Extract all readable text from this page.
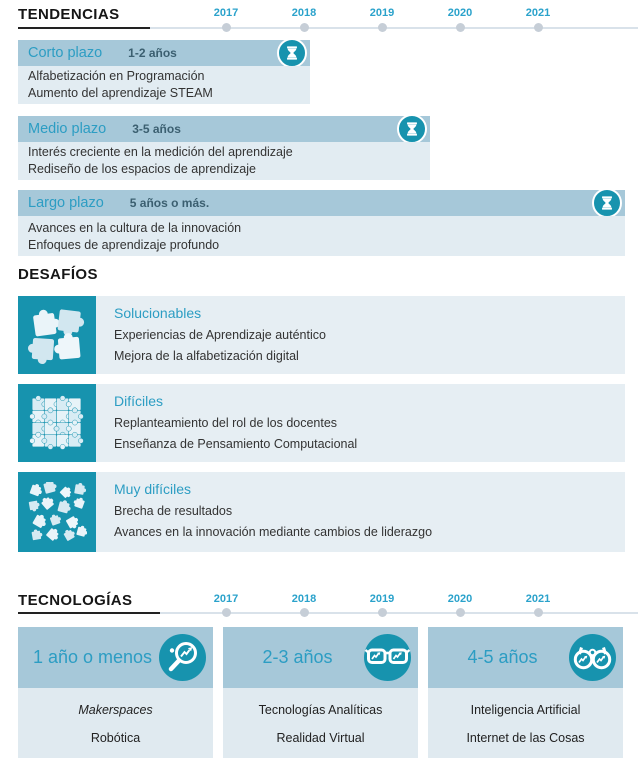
TENDENCIAS	2017	2018	2019	2020	2021
Corto plazo 1-2 años
Alfabetización en Programación
Aumento del aprendizaje STEAM
Medio plazo 3-5 años
Interés creciente en la medición del aprendizaje
Rediseño de los espacios de aprendizaje
Largo plazo 5 años o más.
Avances en la cultura de la innovación
Enfoques de aprendizaje profundo
DESAFÍOS
Solucionables
Experiencias de Aprendizaje auténtico
Mejora de la alfabetización digital
Difíciles
Replanteamiento del rol de los docentes
Enseñanza de Pensamiento Computacional
Muy difíciles
Brecha de resultados
Avances en la innovación mediante cambios de liderazgo
TECNOLOGÍAS	2017	2018	2019	2020	2021
1 año o menos
Makerspaces
Robótica
2-3 años
Tecnologías Analíticas
Realidad Virtual
4-5 años
Inteligencia Artificial
Internet de las Cosas
